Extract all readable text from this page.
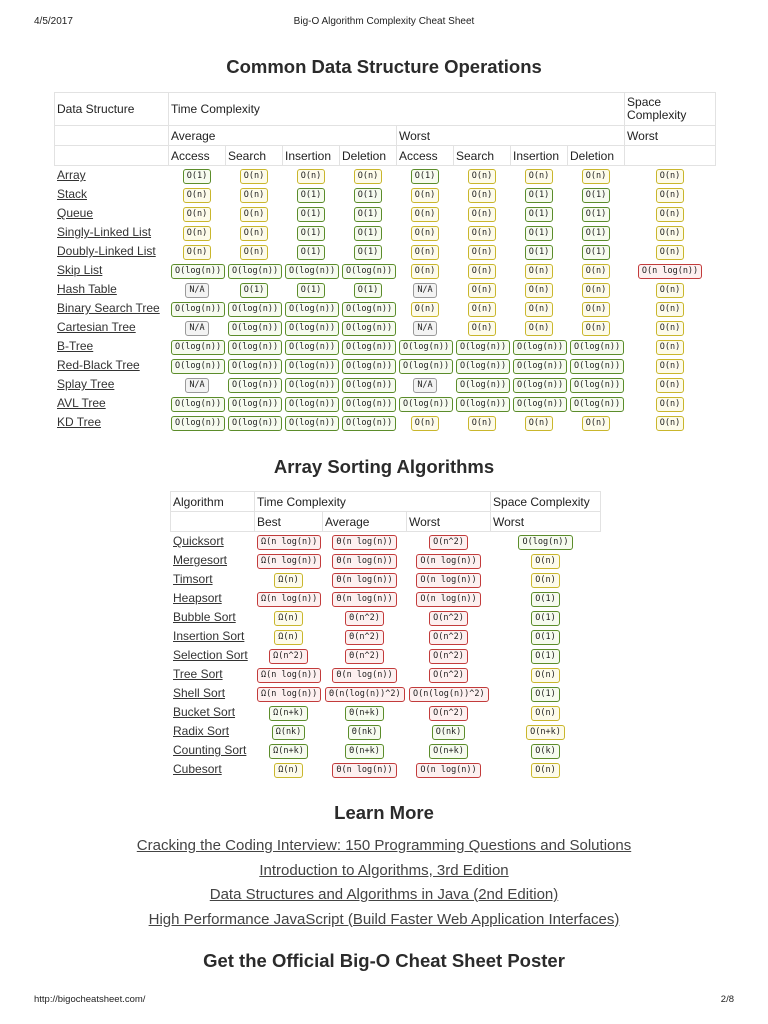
4/5/2017	Big-O Algorithm Complexity Cheat Sheet
Common Data Structure Operations
Data Structure	Time Complexity								Space Complexity
	Average				Worst				Worst
	Access	Search	Insertion	Deletion	Access	Search	Insertion	Deletion	
Array	O(1)	O(n)	O(n)	O(n)	O(1)	O(n)	O(n)	O(n)	O(n)
Stack	O(n)	O(n)	O(1)	O(1)	O(n)	O(n)	O(1)	O(1)	O(n)
Queue	O(n)	O(n)	O(1)	O(1)	O(n)	O(n)	O(1)	O(1)	O(n)
Singly-Linked List	O(n)	O(n)	O(1)	O(1)	O(n)	O(n)	O(1)	O(1)	O(n)
Doubly-Linked List	O(n)	O(n)	O(1)	O(1)	O(n)	O(n)	O(1)	O(1)	O(n)
Skip List	O(log(n))	O(log(n))	O(log(n))	O(log(n))	O(n)	O(n)	O(n)	O(n)	O(n log(n))
Hash Table	N/A	O(1)	O(1)	O(1)	N/A	O(n)	O(n)	O(n)	O(n)
Binary Search Tree	O(log(n))	O(log(n))	O(log(n))	O(log(n))	O(n)	O(n)	O(n)	O(n)	O(n)
Cartesian Tree	N/A	O(log(n))	O(log(n))	O(log(n))	N/A	O(n)	O(n)	O(n)	O(n)
B-Tree	O(log(n))	O(log(n))	O(log(n))	O(log(n))	O(log(n))	O(log(n))	O(log(n))	O(log(n))	O(n)
Red-Black Tree	O(log(n))	O(log(n))	O(log(n))	O(log(n))	O(log(n))	O(log(n))	O(log(n))	O(log(n))	O(n)
Splay Tree	N/A	O(log(n))	O(log(n))	O(log(n))	N/A	O(log(n))	O(log(n))	O(log(n))	O(n)
AVL Tree	O(log(n))	O(log(n))	O(log(n))	O(log(n))	O(log(n))	O(log(n))	O(log(n))	O(log(n))	O(n)
KD Tree	O(log(n))	O(log(n))	O(log(n))	O(log(n))	O(n)	O(n)	O(n)	O(n)	O(n)
Array Sorting Algorithms
Algorithm	Time Complexity			Space Complexity
	Best	Average	Worst	Worst
Quicksort	Ω(n log(n))	Θ(n log(n))	O(n^2)	O(log(n))
Mergesort	Ω(n log(n))	Θ(n log(n))	O(n log(n))	O(n)
Timsort	Ω(n)	Θ(n log(n))	O(n log(n))	O(n)
Heapsort	Ω(n log(n))	Θ(n log(n))	O(n log(n))	O(1)
Bubble Sort	Ω(n)	Θ(n^2)	O(n^2)	O(1)
Insertion Sort	Ω(n)	Θ(n^2)	O(n^2)	O(1)
Selection Sort	Ω(n^2)	Θ(n^2)	O(n^2)	O(1)
Tree Sort	Ω(n log(n))	Θ(n log(n))	O(n^2)	O(n)
Shell Sort	Ω(n log(n))	Θ(n(log(n))^2)	O(n(log(n))^2)	O(1)
Bucket Sort	Ω(n+k)	Θ(n+k)	O(n^2)	O(n)
Radix Sort	Ω(nk)	Θ(nk)	O(nk)	O(n+k)
Counting Sort	Ω(n+k)	Θ(n+k)	O(n+k)	O(k)
Cubesort	Ω(n)	Θ(n log(n))	O(n log(n))	O(n)
Learn More
Cracking the Coding Interview: 150 Programming Questions and Solutions
Introduction to Algorithms, 3rd Edition
Data Structures and Algorithms in Java (2nd Edition)
High Performance JavaScript (Build Faster Web Application Interfaces)
Get the Official Big-O Cheat Sheet Poster
http://bigocheatsheet.com/	2/8
